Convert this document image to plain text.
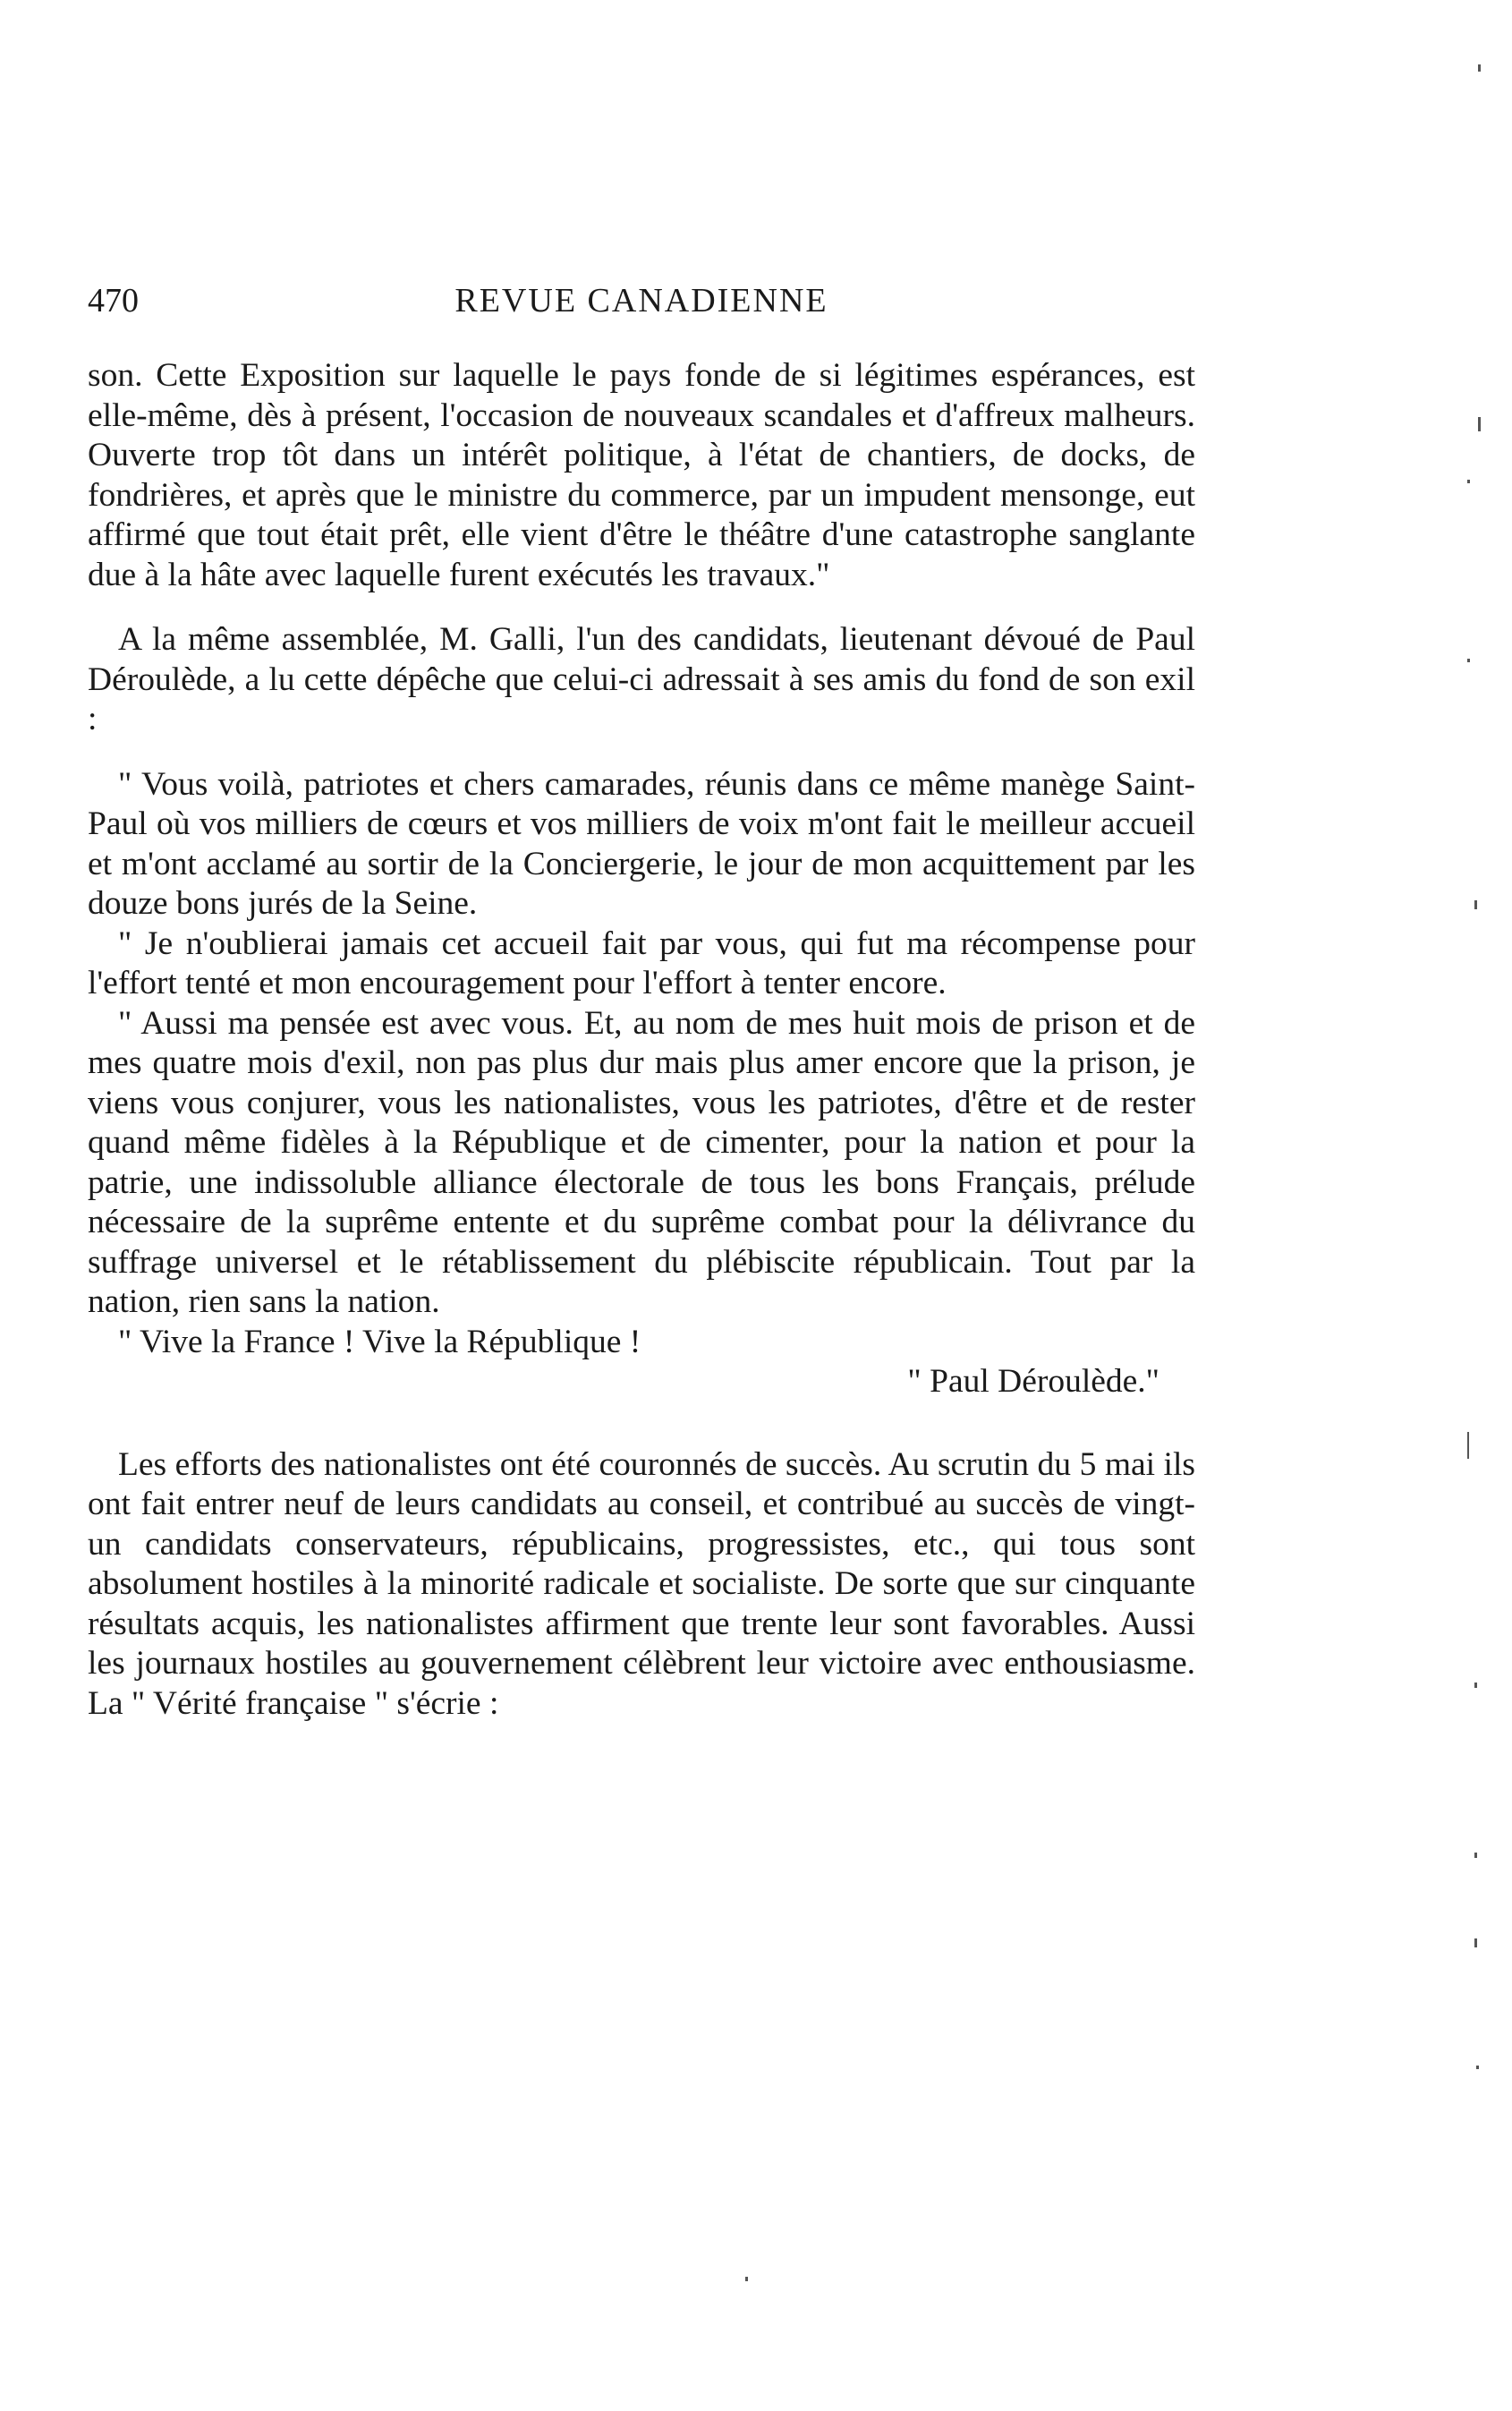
470	REVUE CANADIENNE

son. Cette Exposition sur laquelle le pays fonde de si légitimes espérances, est elle-même, dès à présent, l'occasion de nouveaux scandales et d'affreux malheurs. Ouverte trop tôt dans un intérêt politique, à l'état de chantiers, de docks, de fondrières, et après que le ministre du commerce, par un impudent mensonge, eut affirmé que tout était prêt, elle vient d'être le théâtre d'une catastrophe sanglante due à la hâte avec laquelle furent exécutés les travaux."

A la même assemblée, M. Galli, l'un des candidats, lieutenant dévoué de Paul Déroulède, a lu cette dépêche que celui-ci adressait à ses amis du fond de son exil :

" Vous voilà, patriotes et chers camarades, réunis dans ce même manège Saint-Paul où vos milliers de cœurs et vos milliers de voix m'ont fait le meilleur accueil et m'ont acclamé au sortir de la Conciergerie, le jour de mon acquittement par les douze bons jurés de la Seine.

" Je n'oublierai jamais cet accueil fait par vous, qui fut ma récompense pour l'effort tenté et mon encouragement pour l'effort à tenter encore.

" Aussi ma pensée est avec vous. Et, au nom de mes huit mois de prison et de mes quatre mois d'exil, non pas plus dur mais plus amer encore que la prison, je viens vous conjurer, vous les nationalistes, vous les patriotes, d'être et de rester quand même fidèles à la République et de cimenter, pour la nation et pour la patrie, une indissoluble alliance électorale de tous les bons Français, prélude nécessaire de la suprême entente et du suprême combat pour la délivrance du suffrage universel et le rétablissement du plébiscite républicain. Tout par la nation, rien sans la nation.

" Vive la France ! Vive la République !

" Paul Déroulède."

Les efforts des nationalistes ont été couronnés de succès. Au scrutin du 5 mai ils ont fait entrer neuf de leurs candidats au conseil, et contribué au succès de vingt-un candidats conservateurs, républicains, progressistes, etc., qui tous sont absolument hostiles à la minorité radicale et socialiste. De sorte que sur cinquante résultats acquis, les nationalistes affirment que trente leur sont favorables. Aussi les journaux hostiles au gouvernement célèbrent leur victoire avec enthousiasme. La " Vérité française " s'écrie :
